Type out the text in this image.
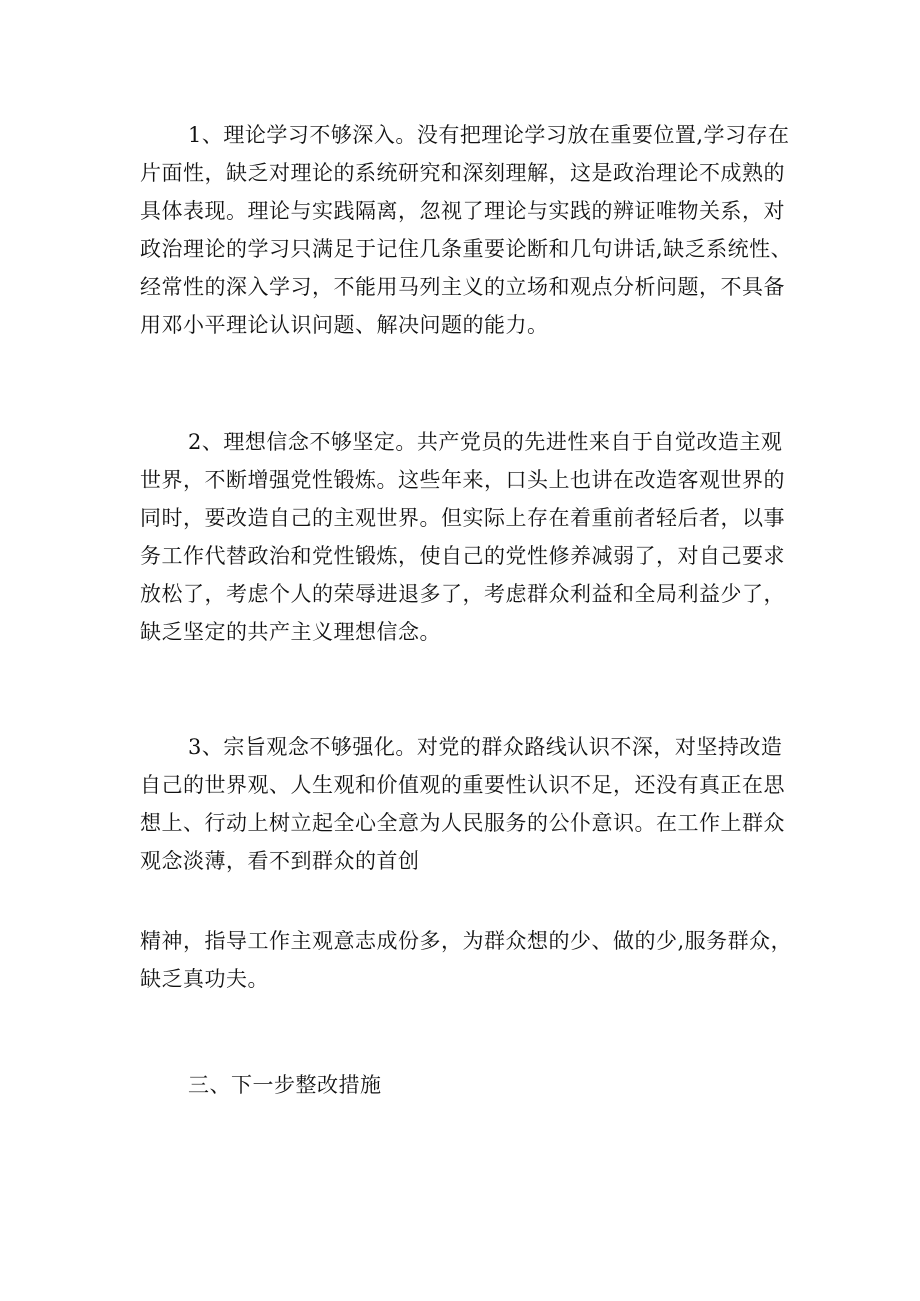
1、理论学习不够深入。没有把理论学习放在重要位置,学习存在片面性，缺乏对理论的系统研究和深刻理解，这是政治理论不成熟的具体表现。理论与实践隔离，忽视了理论与实践的辨证唯物关系，对政治理论的学习只满足于记住几条重要论断和几句讲话,缺乏系统性、经常性的深入学习，不能用马列主义的立场和观点分析问题，不具备用邓小平理论认识问题、解决问题的能力。

2、理想信念不够坚定。共产党员的先进性来自于自觉改造主观世界，不断增强党性锻炼。这些年来，口头上也讲在改造客观世界的同时，要改造自己的主观世界。但实际上存在着重前者轻后者，以事务工作代替政治和党性锻炼，使自己的党性修养减弱了，对自己要求放松了，考虑个人的荣辱进退多了，考虑群众利益和全局利益少了，缺乏坚定的共产主义理想信念。

3、宗旨观念不够强化。对党的群众路线认识不深，对坚持改造自己的世界观、人生观和价值观的重要性认识不足，还没有真正在思想上、行动上树立起全心全意为人民服务的公仆意识。在工作上群众观念淡薄，看不到群众的首创

精神，指导工作主观意志成份多，为群众想的少、做的少,服务群众，缺乏真功夫。

三、下一步整改措施
